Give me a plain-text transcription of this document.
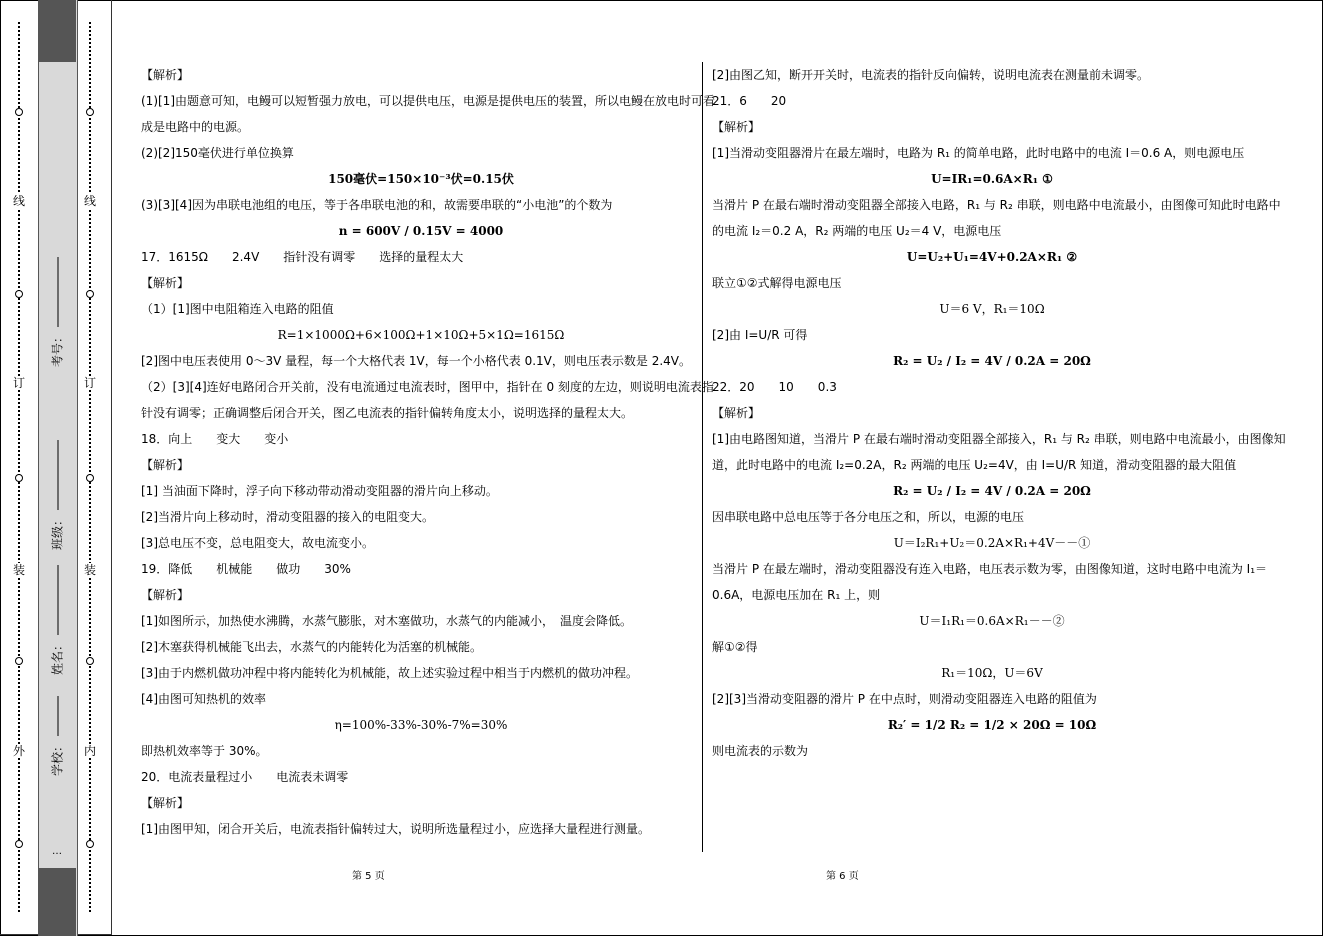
线
订
装
外
线
订
装
内
考号：
班级：
姓名：
学校：
…
【解析】
(1)[1]由题意可知，电鳗可以短暂强力放电，可以提供电压，电源是提供电压的装置，所以电鳗在放电时可看
成是电路中的电源。
(2)[2]150毫伏进行单位换算
150毫伏=150×10⁻³伏=0.15伏
(3)[3][4]因为串联电池组的电压，等于各串联电池的和，故需要串联的“小电池”的个数为
n = 600V / 0.15V = 4000
17．1615Ω　　2.4V　　指针没有调零　　选择的量程太大
【解析】
（1）[1]图中电阻箱连入电路的阻值
R=1×1000Ω+6×100Ω+1×10Ω+5×1Ω=1615Ω
[2]图中电压表使用 0～3V 量程，每一个大格代表 1V，每一个小格代表 0.1V，则电压表示数是 2.4V。
（2）[3][4]连好电路闭合开关前，没有电流通过电流表时，图甲中，指针在 0 刻度的左边，则说明电流表指
针没有调零；正确调整后闭合开关，图乙电流表的指针偏转角度太小，说明选择的量程太大。
18．向上　　变大　　变小
【解析】
[1] 当油面下降时，浮子向下移动带动滑动变阻器的滑片向上移动。
[2]当滑片向上移动时，滑动变阻器的接入的电阻变大。
[3]总电压不变，总电阻变大，故电流变小。
19．降低　　机械能　　做功　　30%
【解析】
[1]如图所示，加热使水沸腾，水蒸气膨胀，对木塞做功，水蒸气的内能减小，　温度会降低。
[2]木塞获得机械能飞出去，水蒸气的内能转化为活塞的机械能。
[3]由于内燃机做功冲程中将内能转化为机械能，故上述实验过程中相当于内燃机的做功冲程。
[4]由图可知热机的效率
η=100%-33%-30%-7%=30%
即热机效率等于 30%。
20．电流表量程过小　　电流表未调零
【解析】
[1]由图甲知，闭合开关后，电流表指针偏转过大，说明所选量程过小，应选择大量程进行测量。
[2]由图乙知，断开开关时，电流表的指针反向偏转，说明电流表在测量前未调零。
21．6　　20
【解析】
[1]当滑动变阻器滑片在最左端时，电路为 R₁ 的简单电路，此时电路中的电流 I＝0.6 A，则电源电压
U=IR₁=0.6A×R₁ ①
当滑片 P 在最右端时滑动变阻器全部接入电路，R₁ 与 R₂ 串联，则电路中电流最小，由图像可知此时电路中
的电流 I₂＝0.2 A，R₂ 两端的电压 U₂＝4 V，电源电压
U=U₂+U₁=4V+0.2A×R₁ ②
联立①②式解得电源电压
U＝6 V，R₁＝10Ω
[2]由 I=U/R 可得
R₂ = U₂ / I₂ = 4V / 0.2A = 20Ω
22．20　　10　　0.3
【解析】
[1]由电路图知道，当滑片 P 在最右端时滑动变阻器全部接入，R₁ 与 R₂ 串联，则电路中电流最小，由图像知
道，此时电路中的电流 I₂=0.2A，R₂ 两端的电压 U₂=4V，由 I=U/R 知道，滑动变阻器的最大阻值
R₂ = U₂ / I₂ = 4V / 0.2A = 20Ω
因串联电路中总电压等于各分电压之和，所以，电源的电压
U＝I₂R₁+U₂＝0.2A×R₁+4V－－①
当滑片 P 在最左端时，滑动变阻器没有连入电路，电压表示数为零，由图像知道，这时电路中电流为 I₁＝
0.6A，电源电压加在 R₁ 上，则
U＝I₁R₁＝0.6A×R₁－－②
解①②得
R₁＝10Ω，U＝6V
[2][3]当滑动变阻器的滑片 P 在中点时，则滑动变阻器连入电路的阻值为
R₂′ = 1/2 R₂ = 1/2 × 20Ω = 10Ω
则电流表的示数为
第 5 页	第 6 页
